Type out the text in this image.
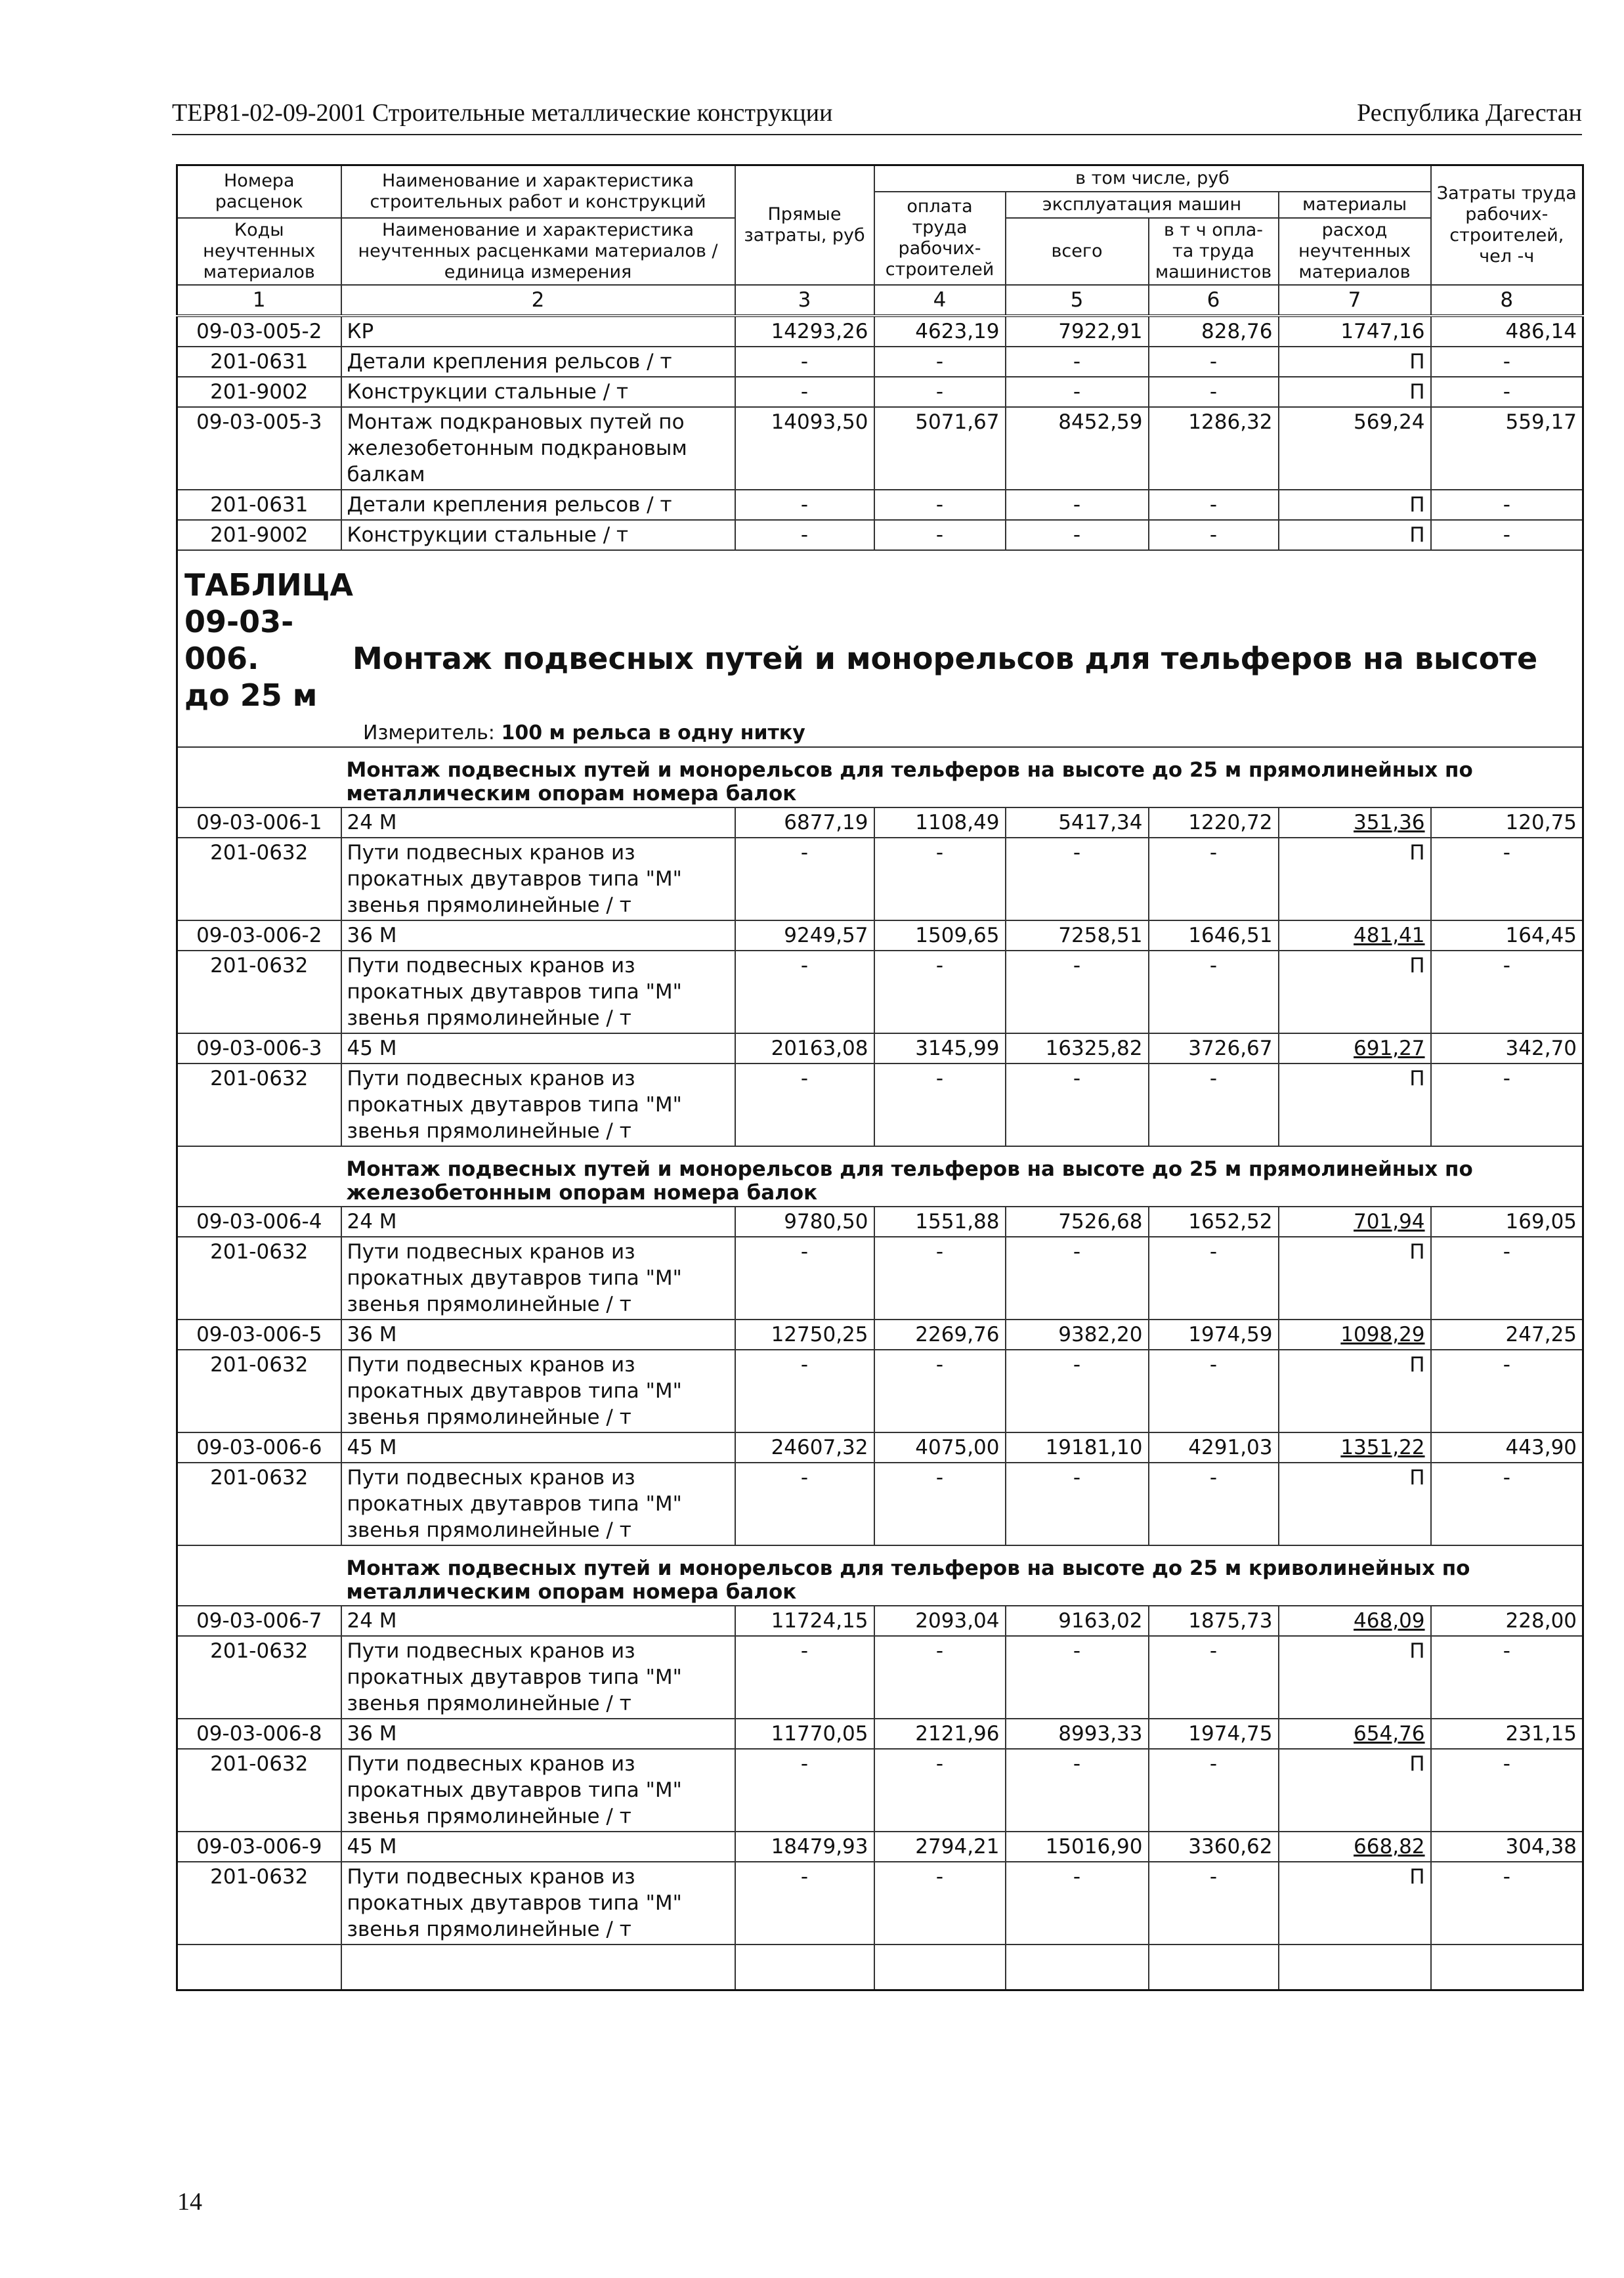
ТЕР81-02-09-2001 Строительные металлические конструкции	Республика Дагестан
Номера расценок	Наименование и характеристика строительных работ и конструкций	Прямые затраты, руб	в том числе, руб				Затраты труда рабочих-строителей, чел -ч
			оплата труда рабочих-строителей	эксплуатация машин		материалы	
Коды неучтенных материалов	Наименование и характеристика неучтенных расценками материалов / единица измерения			всего	в т ч опла-та труда машинистов	расход неучтенных материалов	

1	2	3	4	5	6	7	8
09-03-005-2	КР	14293,26	4623,19	7922,91	828,76	1747,16	486,14
201-0631	Детали крепления рельсов / т	-	-	-	-	П	-
201-9002	Конструкции стальные / т	-	-	-	-	П	-
09-03-005-3	Монтаж подкрановых путей по железобетонным подкрановым балкам	14093,50	5071,67	8452,59	1286,32	569,24	559,17
201-0631	Детали крепления рельсов / т	-	-	-	-	П	-
201-9002	Конструкции стальные / т	-	-	-	-	П	-

ТАБЛИЦА 09-03-006. Монтаж подвесных путей и монорельсов для тельферов на высоте до 25 м
Измеритель: 100 м рельса в одну нитку							

	Монтаж подвесных путей и монорельсов для тельферов на высоте до 25 м прямолинейных по металлическим опорам номера балок						
09-03-006-1	24 М	6877,19	1108,49	5417,34	1220,72	351,36	120,75
201-0632	Пути подвесных кранов из прокатных двутавров типа "М" звенья прямолинейные / т	-	-	-	-	П	-
09-03-006-2	36 М	9249,57	1509,65	7258,51	1646,51	481,41	164,45
201-0632	Пути подвесных кранов из прокатных двутавров типа "М" звенья прямолинейные / т	-	-	-	-	П	-
09-03-006-3	45 М	20163,08	3145,99	16325,82	3726,67	691,27	342,70
201-0632	Пути подвесных кранов из прокатных двутавров типа "М" звенья прямолинейные / т	-	-	-	-	П	-
	Монтаж подвесных путей и монорельсов для тельферов на высоте до 25 м прямолинейных по железобетонным опорам номера балок						
09-03-006-4	24 М	9780,50	1551,88	7526,68	1652,52	701,94	169,05
201-0632	Пути подвесных кранов из прокатных двутавров типа "М" звенья прямолинейные / т	-	-	-	-	П	-
09-03-006-5	36 М	12750,25	2269,76	9382,20	1974,59	1098,29	247,25
201-0632	Пути подвесных кранов из прокатных двутавров типа "М" звенья прямолинейные / т	-	-	-	-	П	-
09-03-006-6	45 М	24607,32	4075,00	19181,10	4291,03	1351,22	443,90
201-0632	Пути подвесных кранов из прокатных двутавров типа "М" звенья прямолинейные / т	-	-	-	-	П	-
	Монтаж подвесных путей и монорельсов для тельферов на высоте до 25 м криволинейных по металлическим опорам номера балок						
09-03-006-7	24 М	11724,15	2093,04	9163,02	1875,73	468,09	228,00
201-0632	Пути подвесных кранов из прокатных двутавров типа "М" звенья прямолинейные / т	-	-	-	-	П	-
09-03-006-8	36 М	11770,05	2121,96	8993,33	1974,75	654,76	231,15
201-0632	Пути подвесных кранов из прокатных двутавров типа "М" звенья прямолинейные / т	-	-	-	-	П	-
09-03-006-9	45 М	18479,93	2794,21	15016,90	3360,62	668,82	304,38
201-0632	Пути подвесных кранов из прокатных двутавров типа "М" звенья прямолинейные / т	-	-	-	-	П	-

14
